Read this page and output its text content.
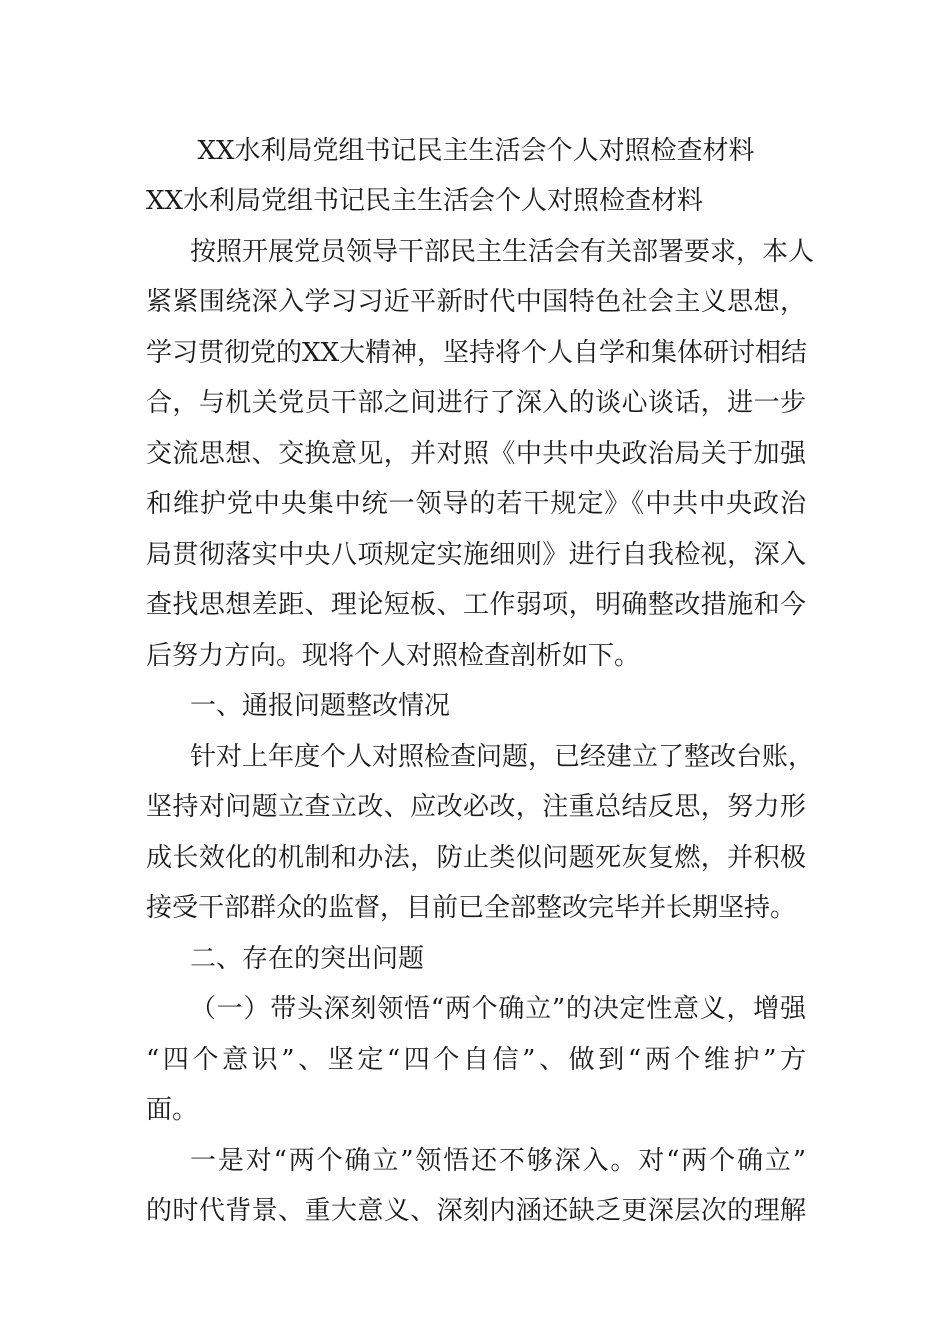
XX水利局党组书记民主生活会个人对照检查材料
XX水利局党组书记民主生活会个人对照检查材料
按照开展党员领导干部民主生活会有关部署要求，本人
紧紧围绕深入学习习近平新时代中国特色社会主义思想，
学习贯彻党的XX大精神，坚持将个人自学和集体研讨相结
合，与机关党员干部之间进行了深入的谈心谈话，进一步
交流思想、交换意见，并对照《中共中央政治局关于加强
和维护党中央集中统一领导的若干规定》《中共中央政治
局贯彻落实中央八项规定实施细则》进行自我检视，深入
查找思想差距、理论短板、工作弱项，明确整改措施和今
后努力方向。现将个人对照检查剖析如下。
一、通报问题整改情况
针对上年度个人对照检查问题，已经建立了整改台账，
坚持对问题立查立改、应改必改，注重总结反思，努力形
成长效化的机制和办法，防止类似问题死灰复燃，并积极
接受干部群众的监督，目前已全部整改完毕并长期坚持。
二、存在的突出问题
（一）带头深刻领悟“两个确立”的决定性意义，增强
“四个意识”、坚定“四个自信”、做到“两个维护”方
面。
一是对“两个确立”领悟还不够深入。对“两个确立”
的时代背景、重大意义、深刻内涵还缺乏更深层次的理解
